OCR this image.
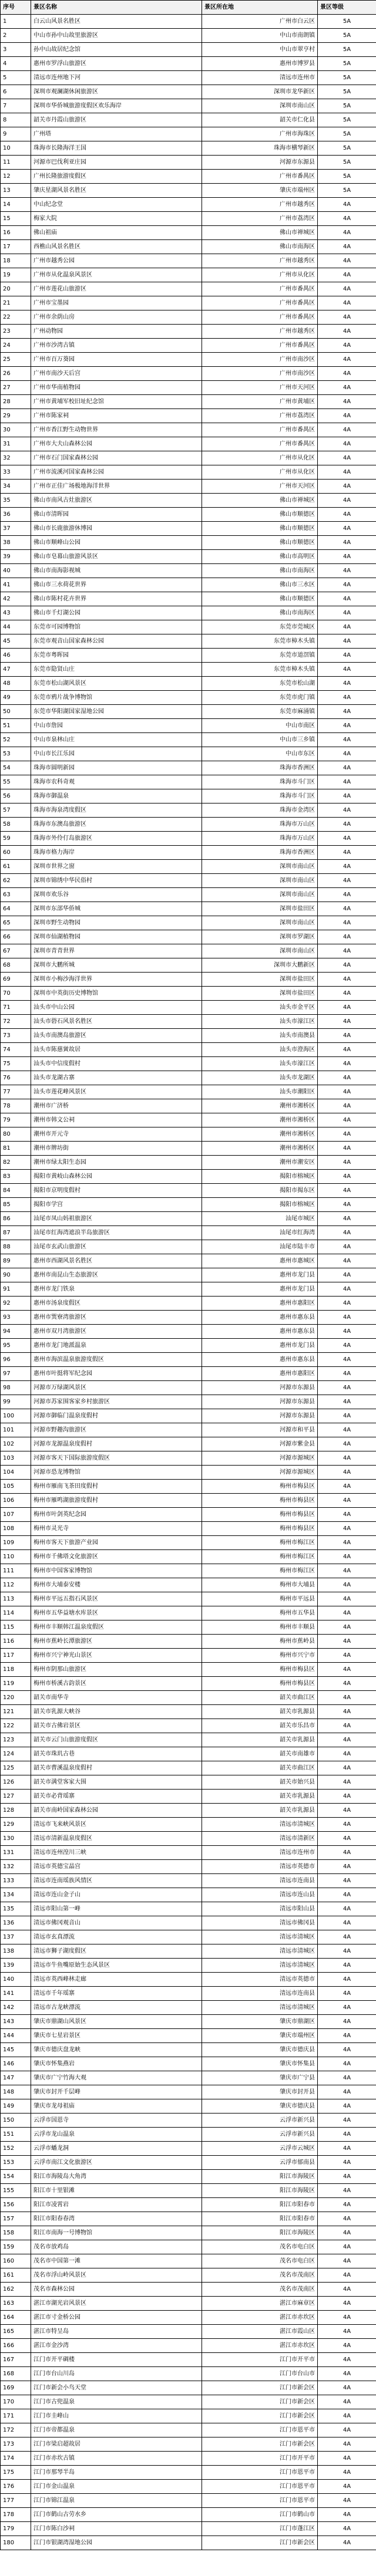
序号	景区名称	景区所在地	景区等级
1	白云山风景名胜区	广州市白云区	5A
2	中山市孙中山故里旅游区	中山市南朗镇	5A
3	孙中山故居纪念馆	中山市翠亨村	5A
4	惠州市罗浮山旅游区	惠州市博罗县	5A
5	清远市连州地下河	清远市连州市	5A
6	深圳市观澜湖休闲旅游区	深圳市龙华新区	5A
7	深圳市华侨城旅游度假区欢乐海岸	深圳市南山区	5A
8	韶关市丹霞山旅游区	韶关市仁化县	5A
9	广州塔	广州市海珠区	5A
10	珠海市长隆海洋王国	珠海市横琴新区	5A
11	河源市巴伐利亚庄园	河源市东源县	5A
12	广州长隆旅游度假区	广州市番禺区	5A
13	肇庆星湖风景名胜区	肇庆市端州区	5A
14	中山纪念堂	广州市越秀区	4A
15	梅家大院	广州市荔湾区	4A
16	佛山祖庙	佛山市禅城区	4A
17	西樵山风景名胜区	佛山市南海区	4A
18	广州市越秀公园	广州市越秀区	4A
19	广州市从化温泉风景区	广州市从化区	4A
20	广州市莲花山旅游区	广州市番禺区	4A
21	广州市宝墨园	广州市番禺区	4A
22	广州市余荫山房	广州市番禺区	4A
23	广州动物园	广州市越秀区	4A
24	广州市沙湾古镇	广州市番禺区	4A
25	广州市百万葵园	广州市南沙区	4A
26	广州市南沙天后宫	广州市南沙区	4A
27	广州市华南植物园	广州市天河区	4A
28	广州市黄埔军校旧址纪念馆	广州市黄埔区	4A
29	广州市陈家祠	广州市荔湾区	4A
30	广州市香江野生动物世界	广州市番禺区	4A
31	广州市大夫山森林公园	广州市番禺区	4A
32	广州市石门国家森林公园	广州市从化区	4A
33	广州市流溪河国家森林公园	广州市从化区	4A
34	广州市正佳广场极地海洋世界	广州市天河区	4A
35	佛山市南风古灶旅游区	佛山市禅城区	4A
36	佛山市清晖园	佛山市顺德区	4A
37	佛山市长鹿旅游休博园	佛山市顺德区	4A
38	佛山市顺峰山公园	佛山市顺德区	4A
39	佛山市皂幕山旅游风景区	佛山市高明区	4A
40	佛山市南海影视城	佛山市南海区	4A
41	佛山市三水荷花世界	佛山市三水区	4A
42	佛山市陈村花卉世界	佛山市顺德区	4A
43	佛山市千灯湖公园	佛山市南海区	4A
44	东莞市可园博物馆	东莞市莞城区	4A
45	东莞市观音山国家森林公园	东莞市樟木头镇	4A
46	东莞市粤晖园	东莞市道滘镇	4A
47	东莞市隐贤山庄	东莞市樟木头镇	4A
48	东莞市松山湖风景区	东莞市松山湖	4A
49	东莞市鸦片战争博物馆	东莞市虎门镇	4A
50	东莞市华阳湖国家湿地公园	东莞市麻涌镇	4A
51	中山市詹园	中山市南区	4A
52	中山市泉林山庄	中山市三乡镇	4A
53	中山市长江乐园	中山市东区	4A
54	珠海市圆明新园	珠海市香洲区	4A
55	珠海市农科奇观	珠海市斗门区	4A
56	珠海市御温泉	珠海市斗门区	4A
57	珠海市海泉湾度假区	珠海市金湾区	4A
58	珠海市东澳岛旅游区	珠海市万山区	4A
59	珠海市外伶仃岛旅游区	珠海市万山区	4A
60	珠海市格力海岸	珠海市香洲区	4A
61	深圳市世界之窗	深圳市南山区	4A
62	深圳市锦绣中华民俗村	深圳市南山区	4A
63	深圳市欢乐谷	深圳市南山区	4A
64	深圳市东部华侨城	深圳市盐田区	4A
65	深圳市野生动物园	深圳市南山区	4A
66	深圳市仙湖植物园	深圳市罗湖区	4A
67	深圳市青青世界	深圳市南山区	4A
68	深圳市大鹏所城	深圳市大鹏新区	4A
69	深圳市小梅沙海洋世界	深圳市盐田区	4A
70	深圳市中英街历史博物馆	深圳市盐田区	4A
71	汕头市中山公园	汕头市金平区	4A
72	汕头市礐石风景名胜区	汕头市濠江区	4A
73	汕头市南澳岛旅游区	汕头市南澳县	4A
74	汕头市陈慈黉故居	汕头市澄海区	4A
75	汕头市中信度假村	汕头市濠江区	4A
76	汕头市龙湖古寨	汕头市龙湖区	4A
77	汕头市莲花峰风景区	汕头市潮阳区	4A
78	潮州市广济桥	潮州市湘桥区	4A
79	潮州市韩文公祠	潮州市湘桥区	4A
80	潮州市开元寺	潮州市湘桥区	4A
81	潮州市牌坊街	潮州市湘桥区	4A
82	潮州市绿太阳生态园	潮州市潮安区	4A
83	揭阳市黄岐山森林公园	揭阳市榕城区	4A
84	揭阳市京明度假村	揭阳市揭东区	4A
85	揭阳市学宫	揭阳市榕城区	4A
86	汕尾市凤山妈祖旅游区	汕尾市城区	4A
87	汕尾市红海湾遮浪半岛旅游区	汕尾市红海湾	4A
88	汕尾市玄武山旅游区	汕尾市陆丰市	4A
89	惠州市西湖风景名胜区	惠州市惠城区	4A
90	惠州市南昆山生态旅游区	惠州市龙门县	4A
91	惠州市龙门铁泉	惠州市龙门县	4A
92	惠州市汤泉度假区	惠州市惠阳区	4A
93	惠州市巽寮湾旅游区	惠州市惠东县	4A
94	惠州市双月湾旅游区	惠州市惠东县	4A
95	惠州市龙门地派温泉	惠州市龙门县	4A
96	惠州市海滨温泉旅游度假区	惠州市惠东县	4A
97	惠州市叶挺将军纪念园	惠州市惠阳区	4A
98	河源市万绿湖风景区	河源市东源县	4A
99	河源市苏家围客家乡村旅游区	河源市东源县	4A
100	河源市御临门温泉度假村	河源市东源县	4A
101	河源市野趣沟旅游区	河源市和平县	4A
102	河源市龙源温泉度假村	河源市紫金县	4A
103	河源市客天下国际旅游度假区	河源市源城区	4A
104	河源市恐龙博物馆	河源市源城区	4A
105	梅州市雁南飞茶田度假村	梅州市梅县区	4A
106	梅州市雁鸣湖旅游度假村	梅州市梅县区	4A
107	梅州市叶剑英纪念园	梅州市梅县区	4A
108	梅州市灵光寺	梅州市梅县区	4A
109	梅州市客天下旅游产业园	梅州市梅江区	4A
110	梅州市千佛塔文化旅游区	梅州市梅江区	4A
111	梅州市中国客家博物馆	梅州市梅江区	4A
112	梅州市大埔泰安楼	梅州市大埔县	4A
113	梅州市平远五指石风景区	梅州市平远县	4A
114	梅州市五华益塘水库景区	梅州市五华县	4A
115	梅州市丰顺韩江温泉度假区	梅州市丰顺县	4A
116	梅州市蕉岭长潭旅游区	梅州市蕉岭县	4A
117	梅州市兴宁神光山景区	梅州市兴宁市	4A
118	梅州市阴那山旅游区	梅州市梅县区	4A
119	梅州市桥溪古韵景区	梅州市梅县区	4A
120	韶关市南华寺	韶关市曲江区	4A
121	韶关市乳源大峡谷	韶关市乳源县	4A
122	韶关市古佛岩景区	韶关市乐昌市	4A
123	韶关市云门山旅游度假区	韶关市乳源县	4A
124	韶关市珠玑古巷	韶关市南雄市	4A
125	韶关市曹溪温泉度假村	韶关市曲江区	4A
126	韶关市满堂客家大围	韶关市始兴县	4A
127	韶关市必背瑶寨	韶关市乳源县	4A
128	韶关市南岭国家森林公园	韶关市乳源县	4A
129	清远市飞来峡风景区	清远市清城区	4A
130	清远市清新温泉度假区	清远市清新区	4A
131	清远市连州湟川三峡	清远市连州市	4A
132	清远市英德宝晶宫	清远市英德市	4A
133	清远市连南瑶族风情区	清远市连南县	4A
134	清远市连山金子山	清远市连山县	4A
135	清远市阳山第一峰	清远市阳山县	4A
136	清远市佛冈观音山	清远市佛冈县	4A
137	清远市玄真漂流	清远市清城区	4A
138	清远市狮子湖度假区	清远市清城区	4A
139	清远市牛鱼嘴原始生态风景区	清远市清城区	4A
140	清远市英西峰林走廊	清远市英德市	4A
141	清远市千年瑶寨	清远市连南县	4A
142	清远市古龙峡漂流	清远市清城区	4A
143	肇庆市鼎湖山风景区	肇庆市鼎湖区	4A
144	肇庆市七星岩景区	肇庆市端州区	4A
145	肇庆市德庆盘龙峡	肇庆市德庆县	4A
146	肇庆市怀集燕岩	肇庆市怀集县	4A
147	肇庆市广宁竹海大观	肇庆市广宁县	4A
148	肇庆市封开千层峰	肇庆市封开县	4A
149	肇庆市龙母祖庙	肇庆市德庆县	4A
150	云浮市国恩寺	云浮市新兴县	4A
151	云浮市龙山温泉	云浮市新兴县	4A
152	云浮市蟠龙洞	云浮市云城区	4A
153	云浮市南江文化旅游区	云浮市郁南县	4A
154	阳江市海陵岛大角湾	阳江市海陵区	4A
155	阳江市十里银滩	阳江市海陵区	4A
156	阳江市凌霄岩	阳江市阳春市	4A
157	阳江市阳春春湾	阳江市阳春市	4A
158	阳江市南海一号博物馆	阳江市海陵区	4A
159	茂名市放鸡岛	茂名市电白区	4A
160	茂名市中国第一滩	茂名市电白区	4A
161	茂名市浮山岭风景区	茂名市茂南区	4A
162	茂名市森林公园	茂名市茂南区	4A
163	湛江市湖光岩风景区	湛江市麻章区	4A
164	湛江市寸金桥公园	湛江市赤坎区	4A
165	湛江市特呈岛	湛江市霞山区	4A
166	湛江市金沙湾	湛江市赤坎区	4A
167	江门市开平碉楼	江门市开平市	4A
168	江门市台山川岛	江门市台山市	4A
169	江门市新会小鸟天堂	江门市新会区	4A
170	江门市古兜温泉	江门市新会区	4A
171	江门市圭峰山	江门市新会区	4A
172	江门市帝都温泉	江门市恩平市	4A
173	江门市梁启超故居	江门市新会区	4A
174	江门市赤坎古镇	江门市开平市	4A
175	江门市那琴半岛	江门市恩平市	4A
176	江门市金山温泉	江门市恩平市	4A
177	江门市锦江温泉	江门市恩平市	4A
178	江门市鹤山古劳水乡	江门市鹤山市	4A
179	江门市陈白沙祠	江门市蓬江区	4A
180	江门市银湖湾湿地公园	江门市新会区	4A
